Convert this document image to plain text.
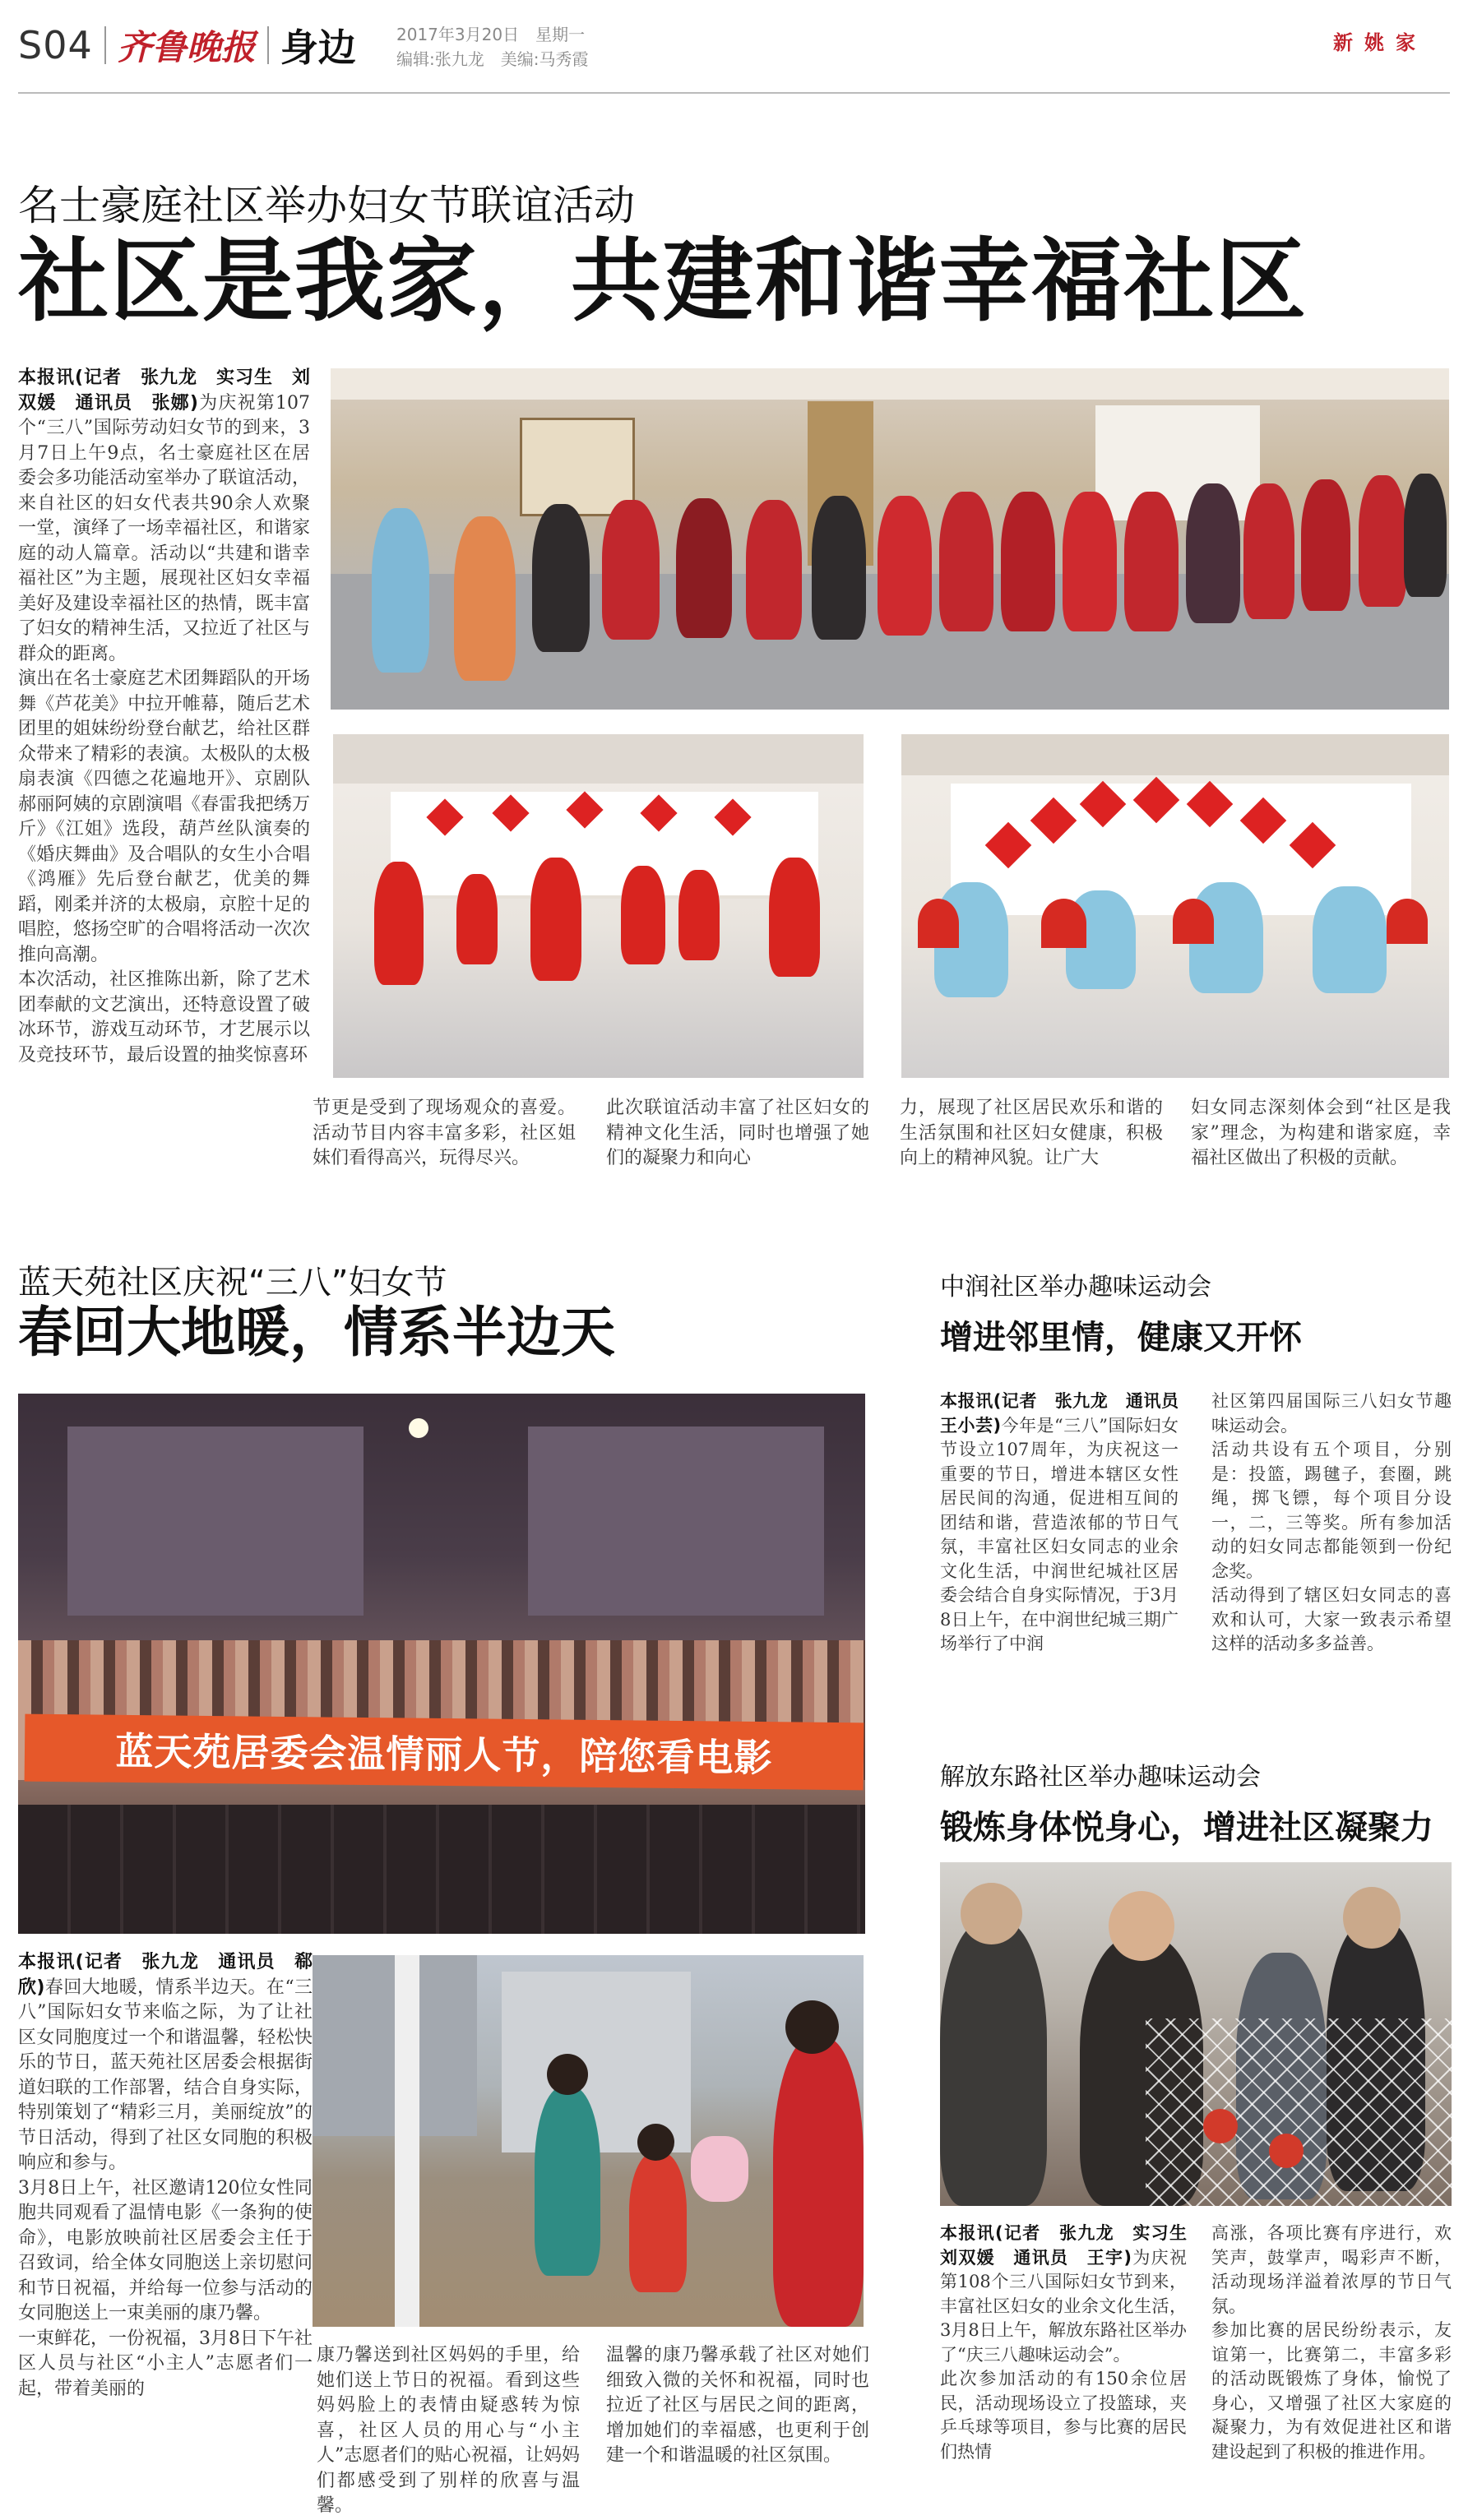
S04 齐鲁晚报 身边 2017年3月20日　星期一
编辑:张九龙　美编:马秀霞
新姚家
名士豪庭社区举办妇女节联谊活动
社区是我家，共建和谐幸福社区
本报讯(记者　张九龙　实习生　刘双媛　通讯员　张娜)为庆祝第107个“三八”国际劳动妇女节的到来，3月7日上午9点，名士豪庭社区在居委会多功能活动室举办了联谊活动，来自社区的妇女代表共90余人欢聚一堂，演绎了一场幸福社区，和谐家庭的动人篇章。活动以“共建和谐幸福社区”为主题，展现社区妇女幸福美好及建设幸福社区的热情，既丰富了妇女的精神生活，又拉近了社区与群众的距离。
演出在名士豪庭艺术团舞蹈队的开场舞《芦花美》中拉开帷幕，随后艺术团里的姐妹纷纷登台献艺，给社区群众带来了精彩的表演。太极队的太极扇表演《四德之花遍地开》、京剧队郝丽阿姨的京剧演唱《春雷我把绣万斤》《江姐》选段，葫芦丝队演奏的《婚庆舞曲》及合唱队的女生小合唱《鸿雁》先后登台献艺，优美的舞蹈，刚柔并济的太极扇，京腔十足的唱腔，悠扬空旷的合唱将活动一次次推向高潮。
本次活动，社区推陈出新，除了艺术团奉献的文艺演出，还特意设置了破冰环节，游戏互动环节，才艺展示以及竞技环节，最后设置的抽奖惊喜环
节更是受到了现场观众的喜爱。活动节目内容丰富多彩，社区姐妹们看得高兴，玩得尽兴。
此次联谊活动丰富了社区妇女的精神文化生活，同时也增强了她们的凝聚力和向心
力，展现了社区居民欢乐和谐的生活氛围和社区妇女健康，积极向上的精神风貌。让广大
妇女同志深刻体会到“社区是我家”理念，为构建和谐家庭，幸福社区做出了积极的贡献。
蓝天苑社区庆祝“三八”妇女节
春回大地暖，情系半边天
蓝天苑居委会温情丽人节，陪您看电影
本报讯(记者　张九龙　通讯员　郗欣)春回大地暖，情系半边天。在“三八”国际妇女节来临之际，为了让社区女同胞度过一个和谐温馨，轻松快乐的节日，蓝天苑社区居委会根据街道妇联的工作部署，结合自身实际，特别策划了“精彩三月，美丽绽放”的节日活动，得到了社区女同胞的积极响应和参与。
3月8日上午，社区邀请120位女性同胞共同观看了温情电影《一条狗的使命》，电影放映前社区居委会主任于召致词，给全体女同胞送上亲切慰问和节日祝福，并给每一位参与活动的女同胞送上一束美丽的康乃馨。
一束鲜花，一份祝福，3月8日下午社区人员与社区“小主人”志愿者们一起，带着美丽的
康乃馨送到社区妈妈的手里，给她们送上节日的祝福。看到这些妈妈脸上的表情由疑惑转为惊喜，社区人员的用心与“小主人”志愿者们的贴心祝福，让妈妈们都感受到了别样的欣喜与温馨。
温馨的康乃馨承载了社区对她们细致入微的关怀和祝福，同时也拉近了社区与居民之间的距离，增加她们的幸福感，也更利于创建一个和谐温暖的社区氛围。
中润社区举办趣味运动会
增进邻里情，健康又开怀
本报讯(记者　张九龙　通讯员　王小芸)今年是“三八”国际妇女节设立107周年，为庆祝这一重要的节日，增进本辖区女性居民间的沟通，促进相互间的团结和谐，营造浓郁的节日气氛，丰富社区妇女同志的业余文化生活，中润世纪城社区居委会结合自身实际情况，于3月8日上午，在中润世纪城三期广场举行了中润
社区第四届国际三八妇女节趣味运动会。
活动共设有五个项目，分别是：投篮，踢毽子，套圈，跳绳，掷飞镖，每个项目分设一，二，三等奖。所有参加活动的妇女同志都能领到一份纪念奖。
活动得到了辖区妇女同志的喜欢和认可，大家一致表示希望这样的活动多多益善。
解放东路社区举办趣味运动会
锻炼身体悦身心，增进社区凝聚力
本报讯(记者　张九龙　实习生　刘双媛　通讯员　王宇)为庆祝第108个三八国际妇女节到来，丰富社区妇女的业余文化生活，3月8日上午，解放东路社区举办了“庆三八趣味运动会”。
此次参加活动的有150余位居民，活动现场设立了投篮球，夹乒乓球等项目，参与比赛的居民们热情
高涨，各项比赛有序进行，欢笑声，鼓掌声，喝彩声不断，活动现场洋溢着浓厚的节日气氛。
参加比赛的居民纷纷表示，友谊第一，比赛第二，丰富多彩的活动既锻炼了身体，愉悦了身心，又增强了社区大家庭的凝聚力，为有效促进社区和谐建设起到了积极的推进作用。
